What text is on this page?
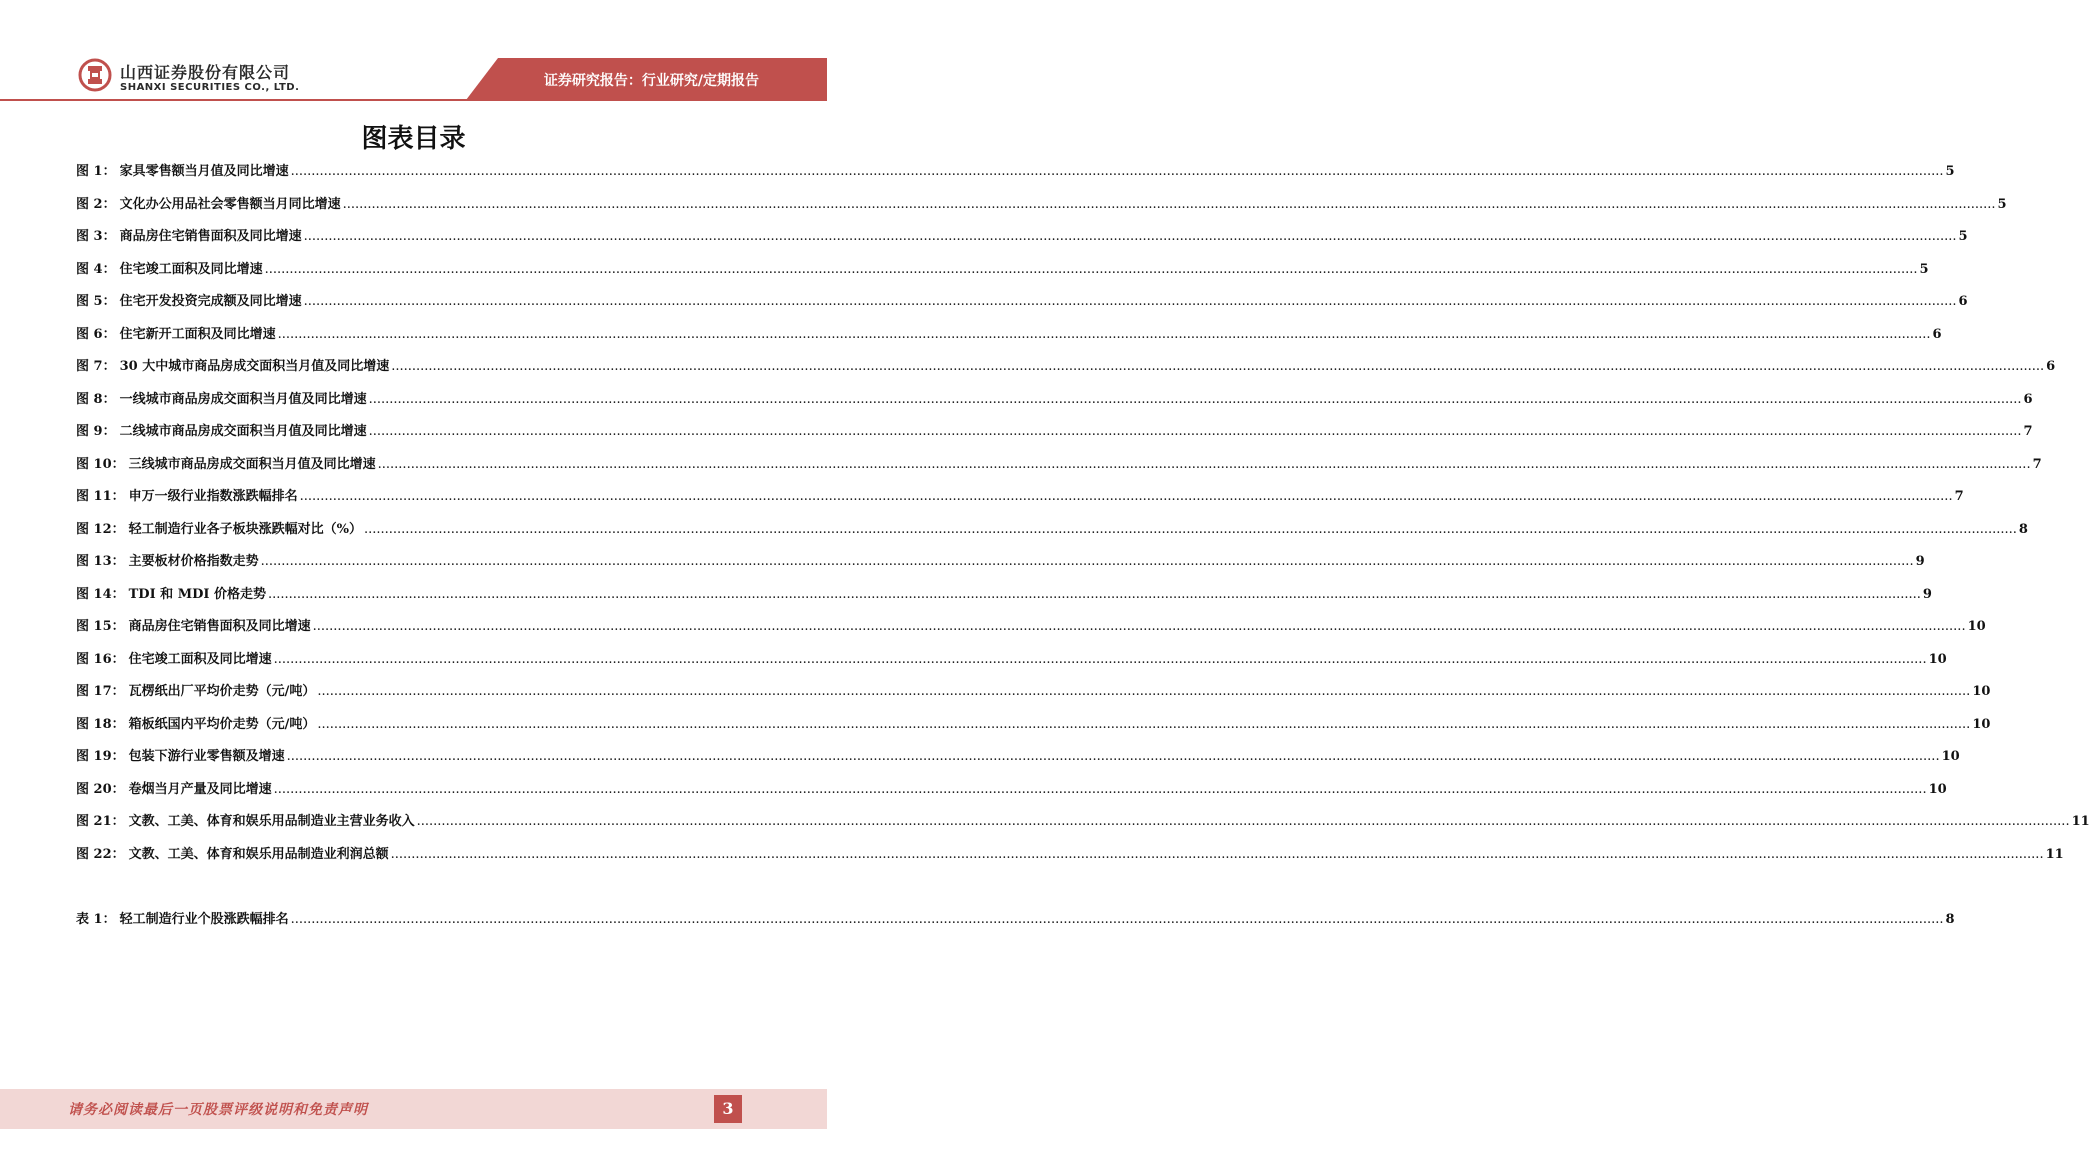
山西证券股份有限公司
SHANXI SECURITIES CO., LTD.	证券研究报告：行业研究/定期报告
图表目录
图 1： 家具零售额当月值及同比增速 ................................................................................................................................................................................................................................................................................................................................................................................................................ 5
图 2： 文化办公用品社会零售额当月同比增速 ................................................................................................................................................................................................................................................................................................................................................................................................................ 5
图 3： 商品房住宅销售面积及同比增速 ................................................................................................................................................................................................................................................................................................................................................................................................................ 5
图 4： 住宅竣工面积及同比增速 ................................................................................................................................................................................................................................................................................................................................................................................................................ 5
图 5： 住宅开发投资完成额及同比增速 ................................................................................................................................................................................................................................................................................................................................................................................................................ 6
图 6： 住宅新开工面积及同比增速 ................................................................................................................................................................................................................................................................................................................................................................................................................ 6
图 7： 30 大中城市商品房成交面积当月值及同比增速 ................................................................................................................................................................................................................................................................................................................................................................................................................ 6
图 8： 一线城市商品房成交面积当月值及同比增速 ................................................................................................................................................................................................................................................................................................................................................................................................................ 6
图 9： 二线城市商品房成交面积当月值及同比增速 ................................................................................................................................................................................................................................................................................................................................................................................................................ 7
图 10： 三线城市商品房成交面积当月值及同比增速 ................................................................................................................................................................................................................................................................................................................................................................................................................ 7
图 11： 申万一级行业指数涨跌幅排名 ................................................................................................................................................................................................................................................................................................................................................................................................................ 7
图 12： 轻工制造行业各子板块涨跌幅对比（%） ................................................................................................................................................................................................................................................................................................................................................................................................................ 8
图 13： 主要板材价格指数走势 ................................................................................................................................................................................................................................................................................................................................................................................................................ 9
图 14： TDI 和 MDI 价格走势 ................................................................................................................................................................................................................................................................................................................................................................................................................ 9
图 15： 商品房住宅销售面积及同比增速 ................................................................................................................................................................................................................................................................................................................................................................................................................ 10
图 16： 住宅竣工面积及同比增速 ................................................................................................................................................................................................................................................................................................................................................................................................................ 10
图 17： 瓦楞纸出厂平均价走势（元/吨） ................................................................................................................................................................................................................................................................................................................................................................................................................ 10
图 18： 箱板纸国内平均价走势（元/吨） ................................................................................................................................................................................................................................................................................................................................................................................................................ 10
图 19： 包装下游行业零售额及增速 ................................................................................................................................................................................................................................................................................................................................................................................................................ 10
图 20： 卷烟当月产量及同比增速 ................................................................................................................................................................................................................................................................................................................................................................................................................ 10
图 21： 文教、工美、体育和娱乐用品制造业主营业务收入 ................................................................................................................................................................................................................................................................................................................................................................................................................ 11
图 22： 文教、工美、体育和娱乐用品制造业利润总额 ................................................................................................................................................................................................................................................................................................................................................................................................................ 11
表 1： 轻工制造行业个股涨跌幅排名 ................................................................................................................................................................................................................................................................................................................................................................................................................ 8
请务必阅读最后一页股票评级说明和免责声明	3
